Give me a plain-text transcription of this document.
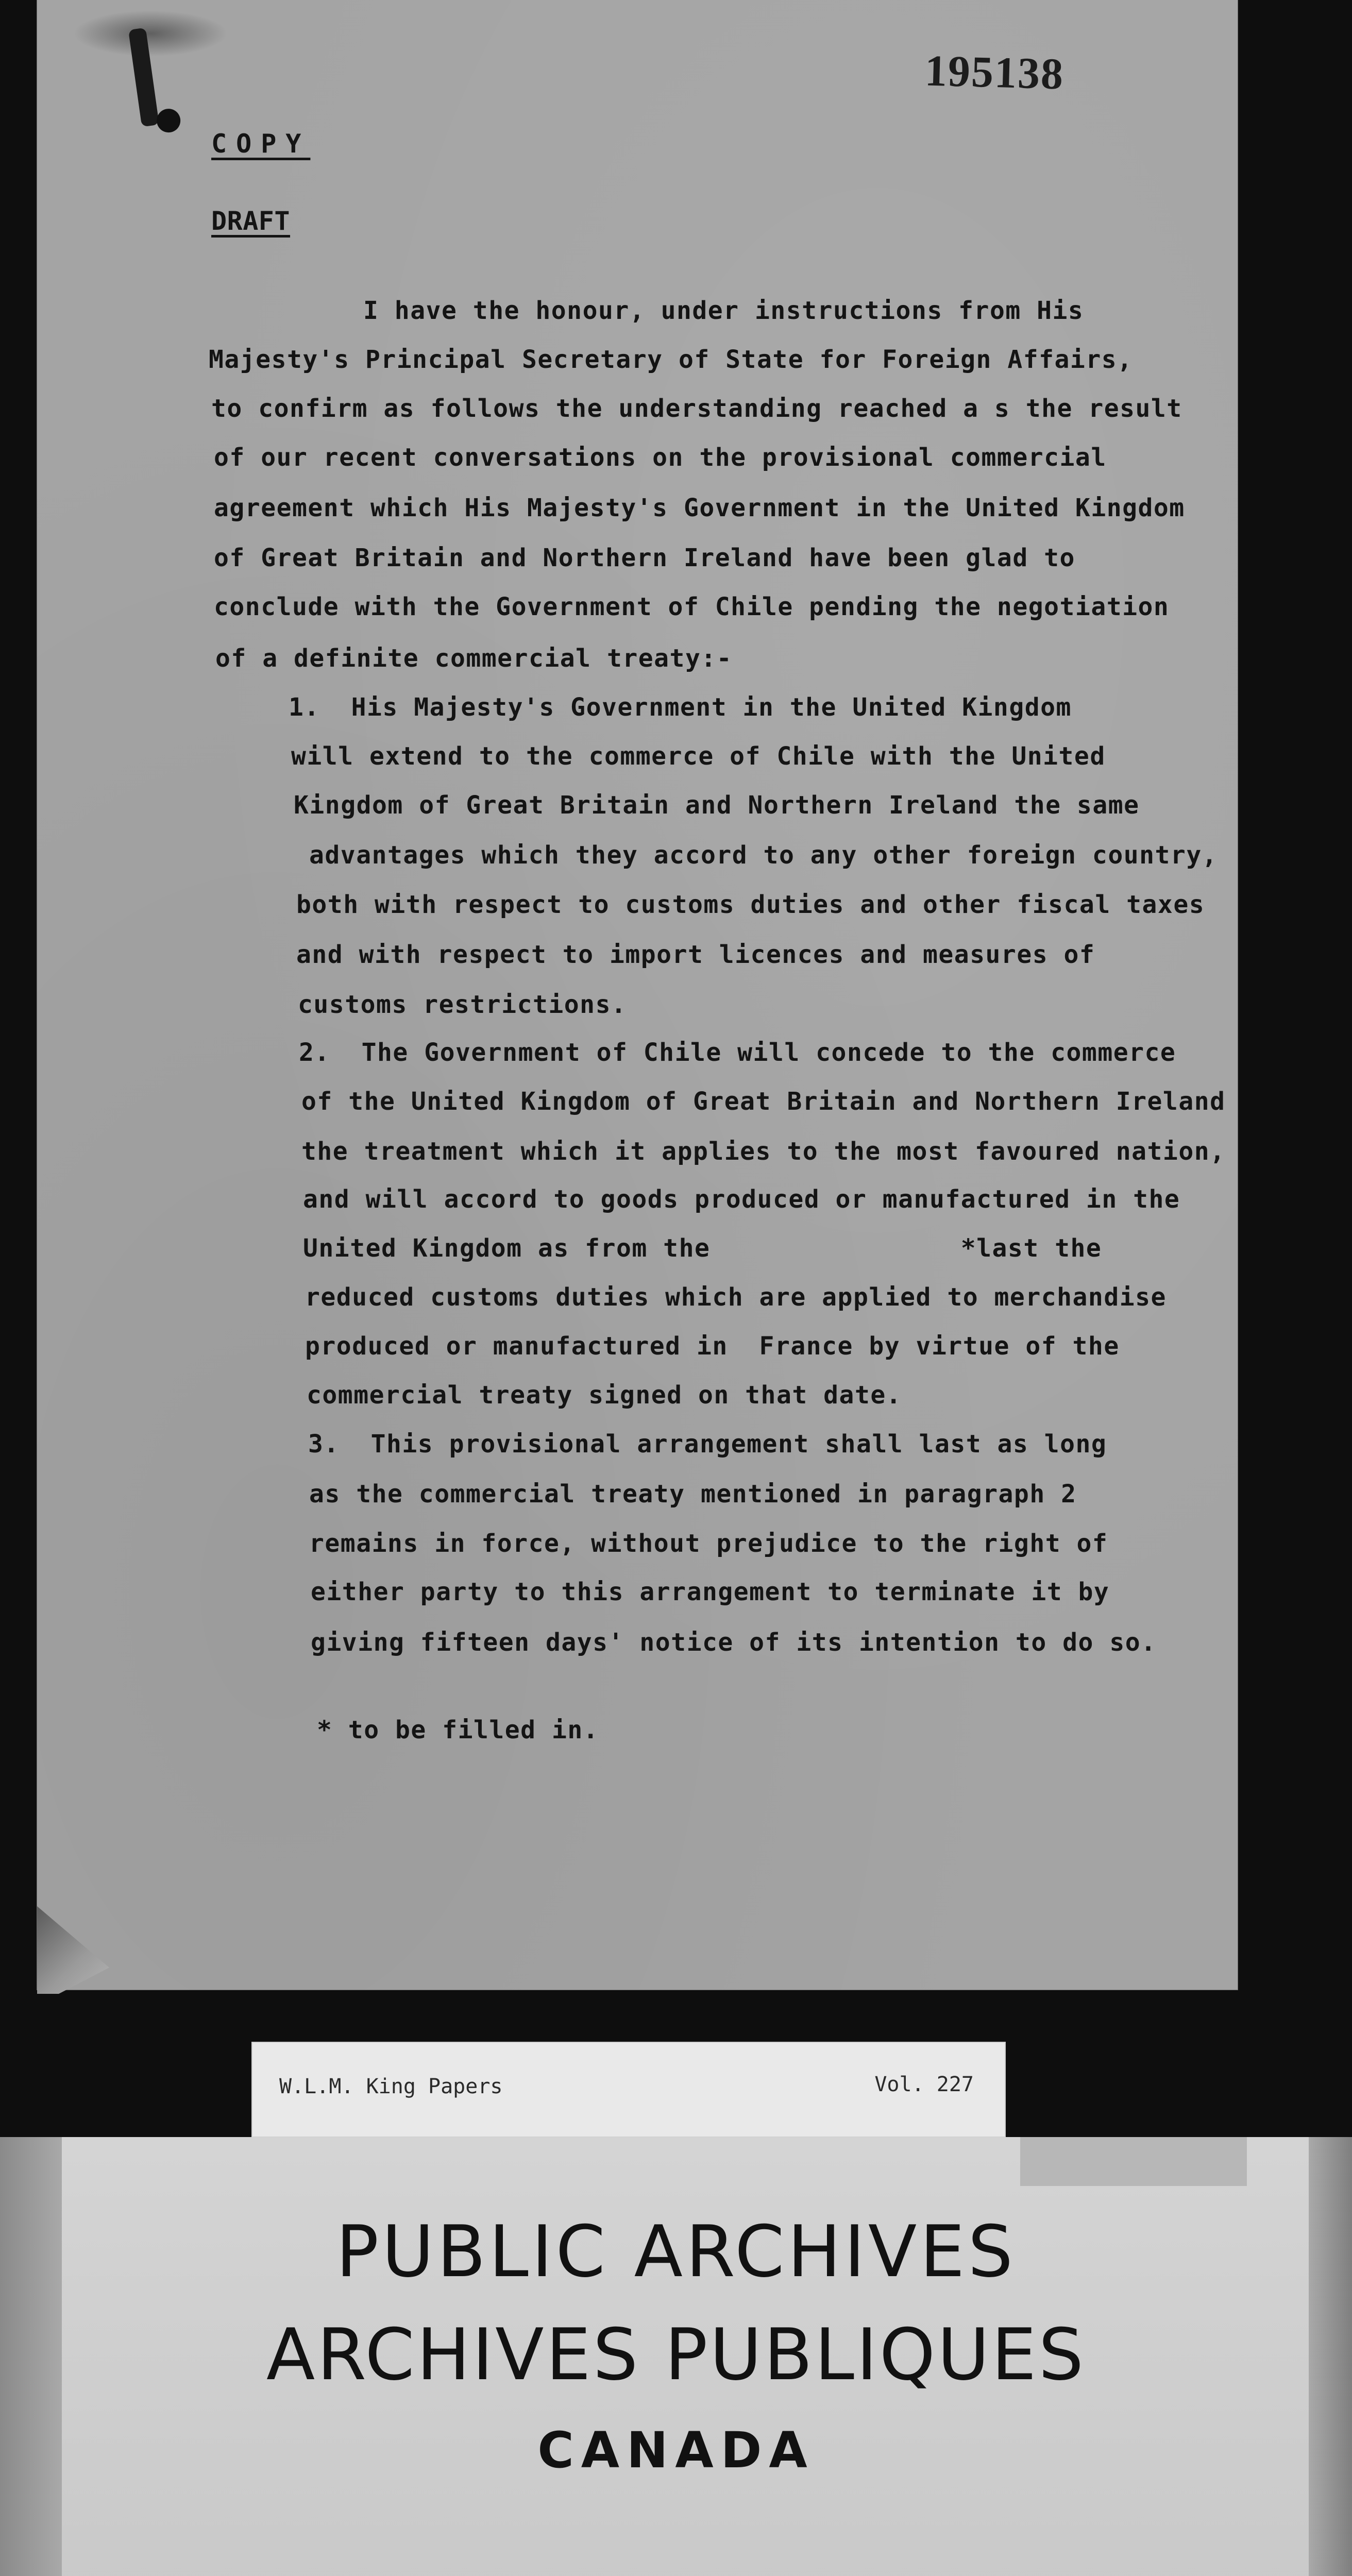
195138
COPY
DRAFT
I have the honour, under instructions from His
Majesty's Principal Secretary of State for Foreign Affairs,
to confirm as follows the understanding reached a s the result
of our recent conversations on the provisional commercial
agreement which His Majesty's Government in the United Kingdom
of Great Britain and Northern Ireland have been glad to
conclude with the Government of Chile pending the negotiation
of a definite commercial treaty:-
1.  His Majesty's Government in the United Kingdom
will extend to the commerce of Chile with the United
Kingdom of Great Britain and Northern Ireland the same
advantages which they accord to any other foreign country,
both with respect to customs duties and other fiscal taxes
and with respect to import licences and measures of
customs restrictions.
2.  The Government of Chile will concede to the commerce
of the United Kingdom of Great Britain and Northern Ireland
the treatment which it applies to the most favoured nation,
and will accord to goods produced or manufactured in the
United Kingdom as from the                *last the
reduced customs duties which are applied to merchandise
produced or manufactured in  France by virtue of the
commercial treaty signed on that date.
3.  This provisional arrangement shall last as long
as the commercial treaty mentioned in paragraph 2
remains in force, without prejudice to the right of
either party to this arrangement to terminate it by
giving fifteen days' notice of its intention to do so.
* to be filled in.
W.L.M. King Papers	Vol. 227
PUBLIC ARCHIVES
ARCHIVES PUBLIQUES
CANADA
